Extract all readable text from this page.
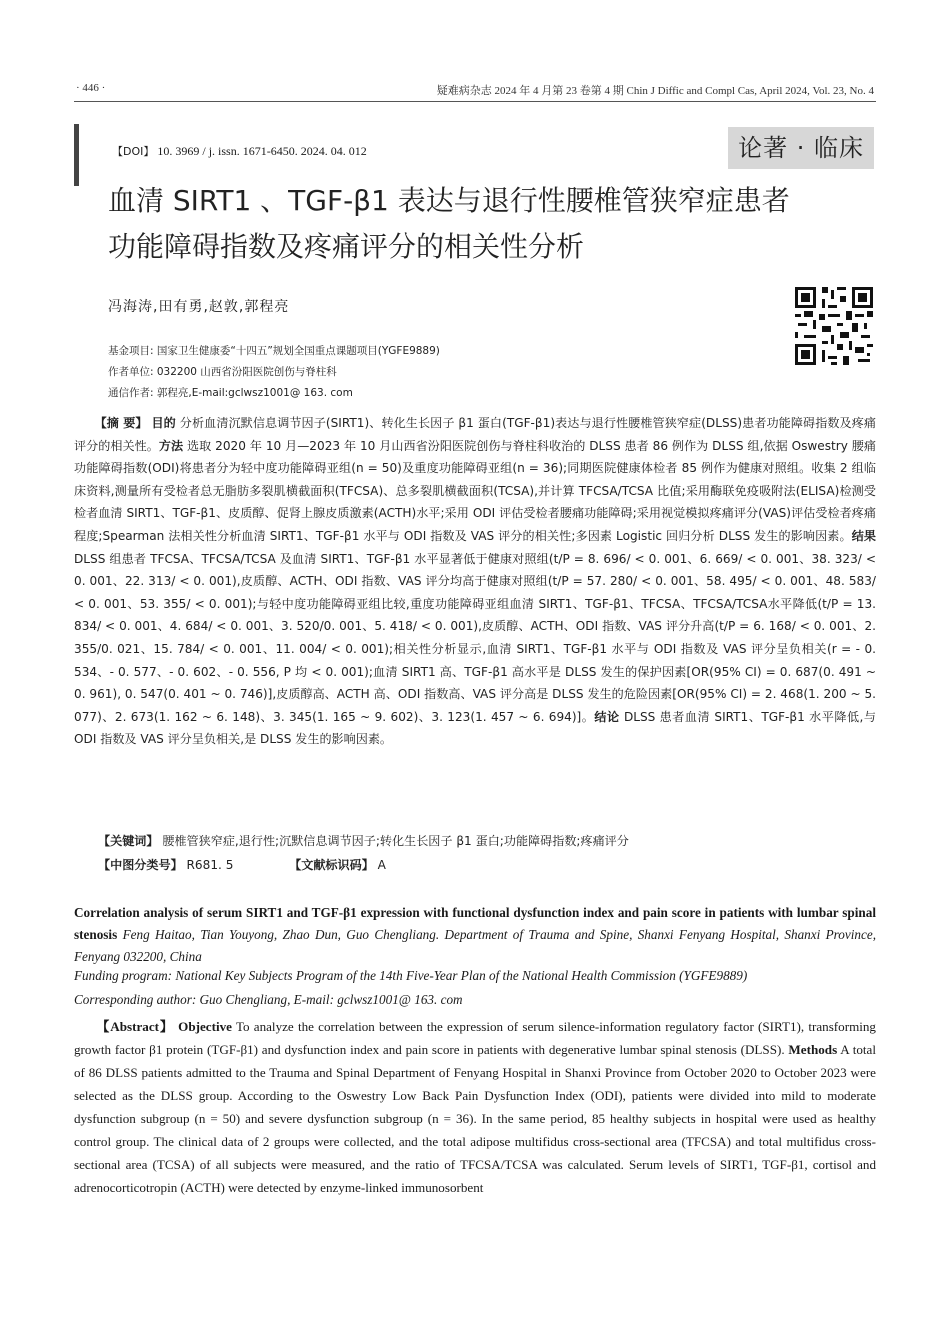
· 446 ·	疑难病杂志 2024 年 4 月第 23 卷第 4 期 Chin J Diffic and Compl Cas, April 2024, Vol. 23, No. 4
【DOI】 10. 3969 / j. issn. 1671-6450. 2024. 04. 012	论著 · 临床
血清 SIRT1 、TGF-β1 表达与退行性腰椎管狭窄症患者
功能障碍指数及疼痛评分的相关性分析
冯海涛,田有勇,赵敦,郭程亮
基金项目: 国家卫生健康委“十四五”规划全国重点课题项目(YGFE9889)
作者单位: 032200 山西省汾阳医院创伤与脊柱科
通信作者: 郭程亮,E-mail:gclwsz1001@ 163. com

【摘 要】 目的 分析血清沉默信息调节因子(SIRT1)、转化生长因子 β1 蛋白(TGF-β1)表达与退行性腰椎管狭窄症(DLSS)患者功能障碍指数及疼痛评分的相关性。方法 选取 2020 年 10 月—2023 年 10 月山西省汾阳医院创伤与脊柱科收治的 DLSS 患者 86 例作为 DLSS 组,依据 Oswestry 腰痛功能障碍指数(ODI)将患者分为轻中度功能障碍亚组(n = 50)及重度功能障碍亚组(n = 36);同期医院健康体检者 85 例作为健康对照组。收集 2 组临床资料,测量所有受检者总无脂肪多裂肌横截面积(TFCSA)、总多裂肌横截面积(TCSA),并计算 TFCSA/TCSA 比值;采用酶联免疫吸附法(ELISA)检测受检者血清 SIRT1、TGF-β1、皮质醇、促肾上腺皮质激素(ACTH)水平;采用 ODI 评估受检者腰痛功能障碍;采用视觉模拟疼痛评分(VAS)评估受检者疼痛程度;Spearman 法相关性分析血清 SIRT1、TGF-β1 水平与 ODI 指数及 VAS 评分的相关性;多因素 Logistic 回归分析 DLSS 发生的影响因素。结果 DLSS 组患者 TFCSA、TFCSA/TCSA 及血清 SIRT1、TGF-β1 水平显著低于健康对照组(t/P = 8. 696/ < 0. 001、6. 669/ < 0. 001、38. 323/ < 0. 001、22. 313/ < 0. 001),皮质醇、ACTH、ODI 指数、VAS 评分均高于健康对照组(t/P = 57. 280/ < 0. 001、58. 495/ < 0. 001、48. 583/ < 0. 001、53. 355/ < 0. 001);与轻中度功能障碍亚组比较,重度功能障碍亚组血清 SIRT1、TGF-β1、TFCSA、TFCSA/TCSA水平降低(t/P = 13. 834/ < 0. 001、4. 684/ < 0. 001、3. 520/0. 001、5. 418/ < 0. 001),皮质醇、ACTH、ODI 指数、VAS 评分升高(t/P = 6. 168/ < 0. 001、2. 355/0. 021、15. 784/ < 0. 001、11. 004/ < 0. 001);相关性分析显示,血清 SIRT1、TGF-β1 水平与 ODI 指数及 VAS 评分呈负相关(r = - 0. 534、- 0. 577、- 0. 602、- 0. 556, P 均 < 0. 001);血清 SIRT1 高、TGF-β1 高水平是 DLSS 发生的保护因素[OR(95% CI) = 0. 687(0. 491 ~ 0. 961), 0. 547(0. 401 ~ 0. 746)],皮质醇高、ACTH 高、ODI 指数高、VAS 评分高是 DLSS 发生的危险因素[OR(95% CI) = 2. 468(1. 200 ~ 5. 077)、2. 673(1. 162 ~ 6. 148)、3. 345(1. 165 ~ 9. 602)、3. 123(1. 457 ~ 6. 694)]。结论 DLSS 患者血清 SIRT1、TGF-β1 水平降低,与 ODI 指数及 VAS 评分呈负相关,是 DLSS 发生的影响因素。

【关键词】 腰椎管狭窄症,退行性;沉默信息调节因子;转化生长因子 β1 蛋白;功能障碍指数;疼痛评分
【中图分类号】 R681. 5	【文献标识码】 A
Correlation analysis of serum SIRT1 and TGF-β1 expression with functional dysfunction index and pain score in patients with lumbar spinal stenosis Feng Haitao, Tian Youyong, Zhao Dun, Guo Chengliang. Department of Trauma and Spine, Shanxi Fenyang Hospital, Shanxi Province, Fenyang 032200, China
Funding program: National Key Subjects Program of the 14th Five-Year Plan of the National Health Commission (YGFE9889)
Corresponding author: Guo Chengliang, E-mail: gclwsz1001@ 163. com

【Abstract】 Objective To analyze the correlation between the expression of serum silence-information regulatory factor (SIRT1), transforming growth factor β1 protein (TGF-β1) and dysfunction index and pain score in patients with degenerative lumbar spinal stenosis (DLSS). Methods A total of 86 DLSS patients admitted to the Trauma and Spinal Department of Fenyang Hospital in Shanxi Province from October 2020 to October 2023 were selected as the DLSS group. According to the Oswestry Low Back Pain Dysfunction Index (ODI), patients were divided into mild to moderate dysfunction subgroup (n = 50) and severe dysfunction subgroup (n = 36). In the same period, 85 healthy subjects in hospital were used as healthy control group. The clinical data of 2 groups were collected, and the total adipose multifidus cross-sectional area (TFCSA) and total multifidus cross-sectional area (TCSA) of all subjects were measured, and the ratio of TFCSA/TCSA was calculated. Serum levels of SIRT1, TGF-β1, cortisol and adrenocorticotropin (ACTH) were detected by enzyme-linked immunosorbent
